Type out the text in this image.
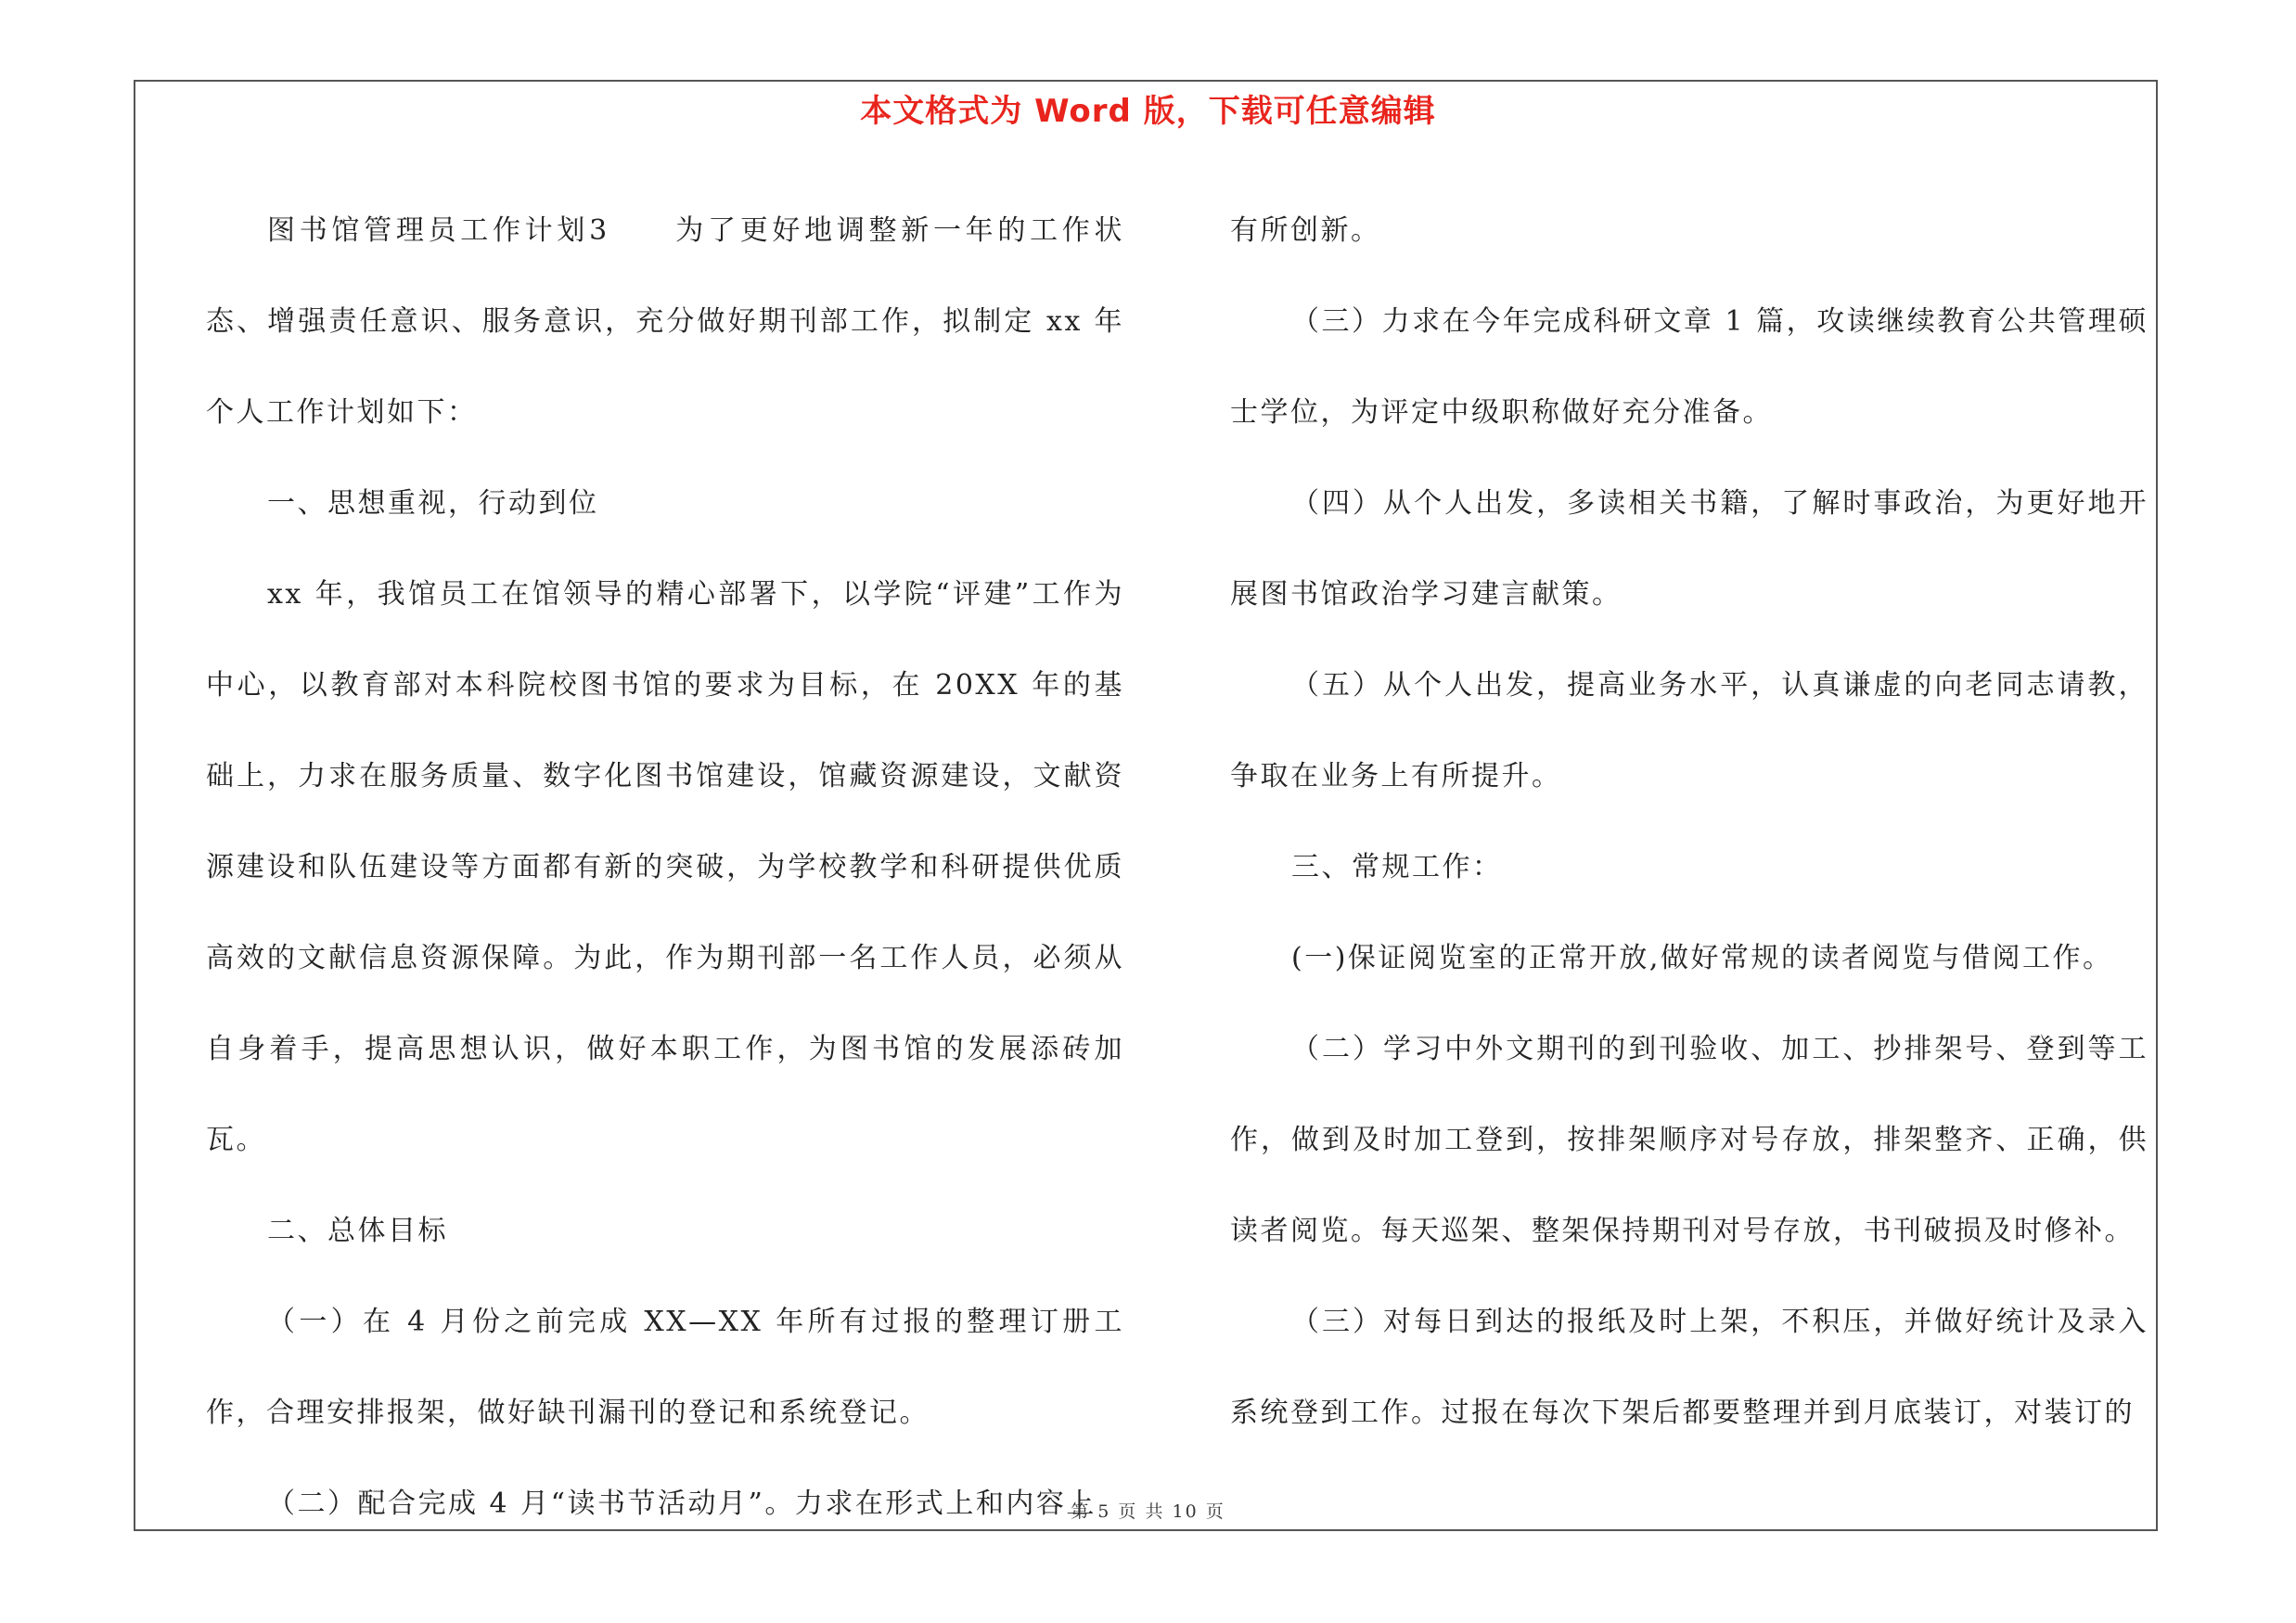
本文格式为 Word 版，下载可任意编辑

图书馆管理员工作计划3　　为了更好地调整新一年的工作状态、增强责任意识、服务意识，充分做好期刊部工作，拟制定 xx 年个人工作计划如下：

一、思想重视，行动到位

xx 年，我馆员工在馆领导的精心部署下，以学院“评建”工作为中心，以教育部对本科院校图书馆的要求为目标，在 20XX 年的基础上，力求在服务质量、数字化图书馆建设，馆藏资源建设，文献资源建设和队伍建设等方面都有新的突破，为学校教学和科研提供优质高效的文献信息资源保障。为此，作为期刊部一名工作人员，必须从自身着手，提高思想认识，做好本职工作，为图书馆的发展添砖加瓦。

二、总体目标

（一）在 4 月份之前完成 XX—XX 年所有过报的整理订册工作，合理安排报架，做好缺刊漏刊的登记和系统登记。

（二）配合完成 4 月“读书节活动月”。力求在形式上和内容上

有所创新。

（三）力求在今年完成科研文章 1 篇，攻读继续教育公共管理硕士学位，为评定中级职称做好充分准备。

（四）从个人出发，多读相关书籍，了解时事政治，为更好地开展图书馆政治学习建言献策。

（五）从个人出发，提高业务水平，认真谦虚的向老同志请教，争取在业务上有所提升。

三、常规工作：

(一)保证阅览室的正常开放,做好常规的读者阅览与借阅工作。

（二）学习中外文期刊的到刊验收、加工、抄排架号、登到等工作，做到及时加工登到，按排架顺序对号存放，排架整齐、正确，供读者阅览。每天巡架、整架保持期刊对号存放，书刊破损及时修补。

（三）对每日到达的报纸及时上架，不积压，并做好统计及录入系统登到工作。过报在每次下架后都要整理并到月底装订，对装订的

第 5 页 共 10 页
